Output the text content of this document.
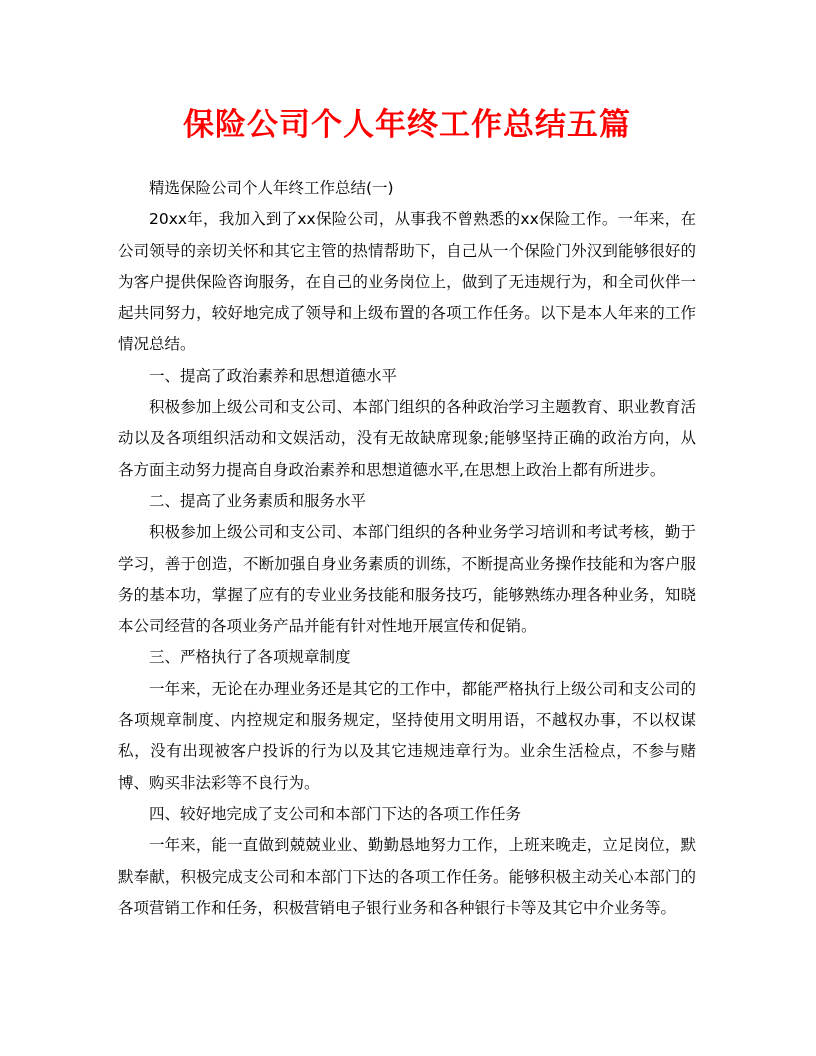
保险公司个人年终工作总结五篇

精选保险公司个人年终工作总结(一)

20xx年，我加入到了xx保险公司，从事我不曾熟悉的xx保险工作。一年来，在公司领导的亲切关怀和其它主管的热情帮助下，自己从一个保险门外汉到能够很好的为客户提供保险咨询服务，在自己的业务岗位上，做到了无违规行为，和全司伙伴一起共同努力，较好地完成了领导和上级布置的各项工作任务。以下是本人年来的工作情况总结。

一、提高了政治素养和思想道德水平

积极参加上级公司和支公司、本部门组织的各种政治学习主题教育、职业教育活动以及各项组织活动和文娱活动，没有无故缺席现象;能够坚持正确的政治方向，从各方面主动努力提高自身政治素养和思想道德水平,在思想上政治上都有所进步。

二、提高了业务素质和服务水平

积极参加上级公司和支公司、本部门组织的各种业务学习培训和考试考核，勤于学习，善于创造，不断加强自身业务素质的训练，不断提高业务操作技能和为客户服务的基本功，掌握了应有的专业业务技能和服务技巧，能够熟练办理各种业务，知晓本公司经营的各项业务产品并能有针对性地开展宣传和促销。

三、严格执行了各项规章制度

一年来，无论在办理业务还是其它的工作中，都能严格执行上级公司和支公司的各项规章制度、内控规定和服务规定，坚持使用文明用语，不越权办事，不以权谋私，没有出现被客户投诉的行为以及其它违规违章行为。业余生活检点，不参与赌博、购买非法彩等不良行为。

四、较好地完成了支公司和本部门下达的各项工作任务

一年来，能一直做到兢兢业业、勤勤恳地努力工作，上班来晚走，立足岗位，默默奉献，积极完成支公司和本部门下达的各项工作任务。能够积极主动关心本部门的各项营销工作和任务，积极营销电子银行业务和各种银行卡等及其它中介业务等。
